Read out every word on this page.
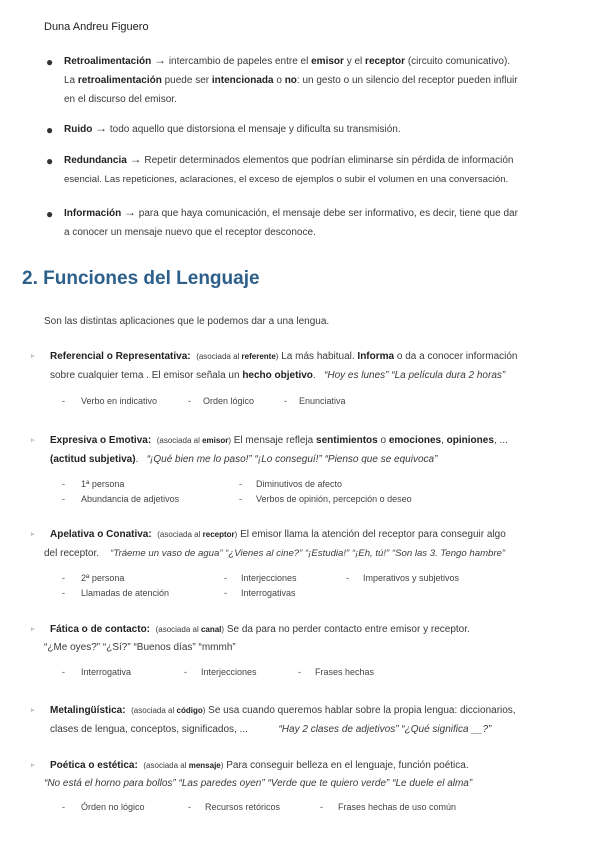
Duna Andreu Figuero
● Retroalimentación → intercambio de papeles entre el emisor y el receptor (circuito comunicativo).
La retroalimentación puede ser intencionada o no: un gesto o un silencio del receptor pueden influir
en el discurso del emisor.
● Ruido → todo aquello que distorsiona el mensaje y dificulta su transmisión.
● Redundancia → Repetir determinados elementos que podrían eliminarse sin pérdida de información
esencial. Las repeticiones, aclaraciones, el exceso de ejemplos o subir el volumen en una conversación.
● Información → para que haya comunicación, el mensaje debe ser informativo, es decir, tiene que dar
a conocer un mensaje nuevo que el receptor desconoce.
2. Funciones del Lenguaje
Son las distintas aplicaciones que le podemos dar a una lengua.
▹ Referencial o Representativa: (asociada al referente) La más habitual. Informa o da a conocer información
sobre cualquier tema . El emisor señala un hecho objetivo. “Hoy es lunes” “La película dura 2 horas”
- Verbo en indicativo	- Orden lógico	- Enunciativa
▹ Expresiva o Emotiva: (asociada al emisor) El mensaje refleja sentimientos o emociones, opiniones, ...
(actitud subjetiva). “¡Qué bien me lo paso!” “¡Lo conseguí!” “Pienso que se equivoca”
- 1ª persona	- Diminutivos de afecto
- Abundancia de adjetivos	- Verbos de opinión, percepción o deseo
▹ Apelativa o Conativa: (asociada al receptor) El emisor llama la atención del receptor para conseguir algo
del receptor. “Tráeme un vaso de agua” “¿Vienes al cine?” “¡Estudia!” “¡Eh, tú!” “Son las 3. Tengo hambre”
- 2ª persona	- Interjecciones	- Imperativos y subjetivos
- Llamadas de atención	- Interrogativas
▹ Fática o de contacto: (asociada al canal) Se da para no perder contacto entre emisor y receptor.
“¿Me oyes?” “¿Sí?” “Buenos días” “mmmh”
- Interrogativa	- Interjecciones	- Frases hechas
▹ Metalingüística: (asociada al código) Se usa cuando queremos hablar sobre la propia lengua: diccionarios,
clases de lengua, conceptos, significados, ...	“Hay 2 clases de adjetivos” “¿Qué significa __?”
▹ Poética o estética: (asociada al mensaje) Para conseguir belleza en el lenguaje, función poética.
“No está el horno para bollos” “Las paredes oyen” “Verde que te quiero verde” “Le duele el alma”
- Órden no lógico	- Recursos retóricos	- Frases hechas de uso común
